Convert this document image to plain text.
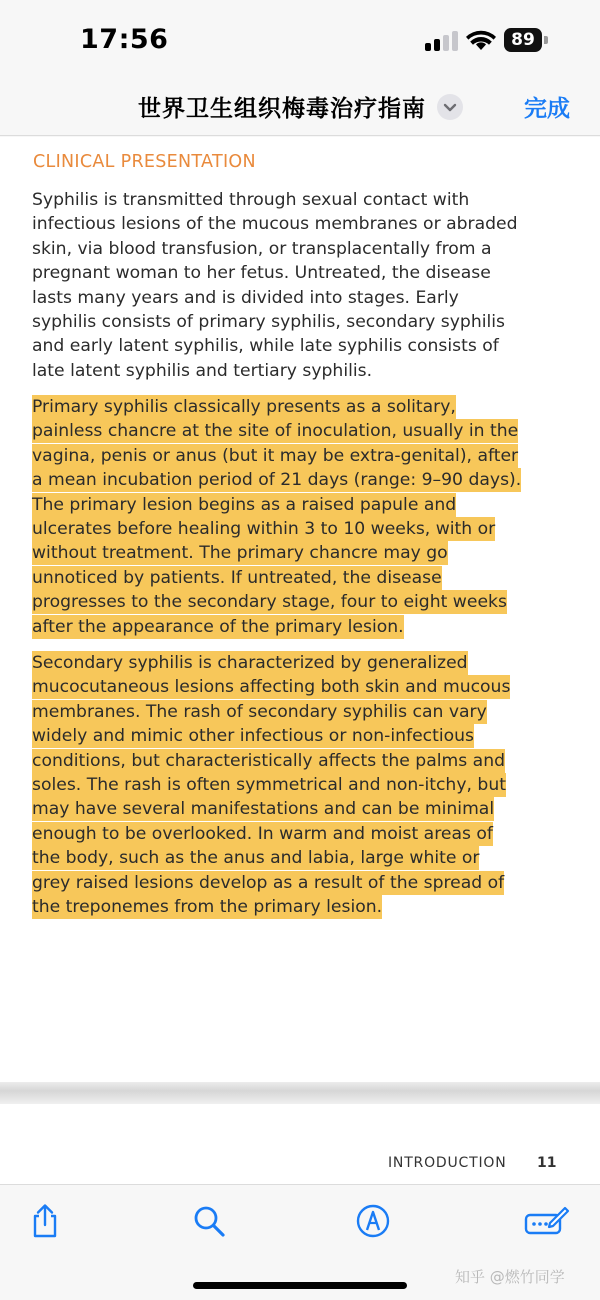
17:56	89
世界卫生组织梅毒治疗指南	完成
CLINICAL PRESENTATION
Syphilis is transmitted through sexual contact with infectious lesions of the mucous membranes or abraded skin, via blood transfusion, or transplacentally from a pregnant woman to her fetus. Untreated, the disease lasts many years and is divided into stages. Early syphilis consists of primary syphilis, secondary syphilis and early latent syphilis, while late syphilis consists of late latent syphilis and tertiary syphilis.
Primary syphilis classically presents as a solitary, painless chancre at the site of inoculation, usually in the vagina, penis or anus (but it may be extra-genital), after a mean incubation period of 21 days (range: 9–90 days). The primary lesion begins as a raised papule and ulcerates before healing within 3 to 10 weeks, with or without treatment. The primary chancre may go unnoticed by patients. If untreated, the disease progresses to the secondary stage, four to eight weeks after the appearance of the primary lesion.
Secondary syphilis is characterized by generalized mucocutaneous lesions affecting both skin and mucous membranes. The rash of secondary syphilis can vary widely and mimic other infectious or non-infectious conditions, but characteristically affects the palms and soles. The rash is often symmetrical and non-itchy, but may have several manifestations and can be minimal enough to be overlooked. In warm and moist areas of the body, such as the anus and labia, large white or grey raised lesions develop as a result of the spread of the treponemes from the primary lesion.
INTRODUCTION 11
知乎 @燃竹同学
